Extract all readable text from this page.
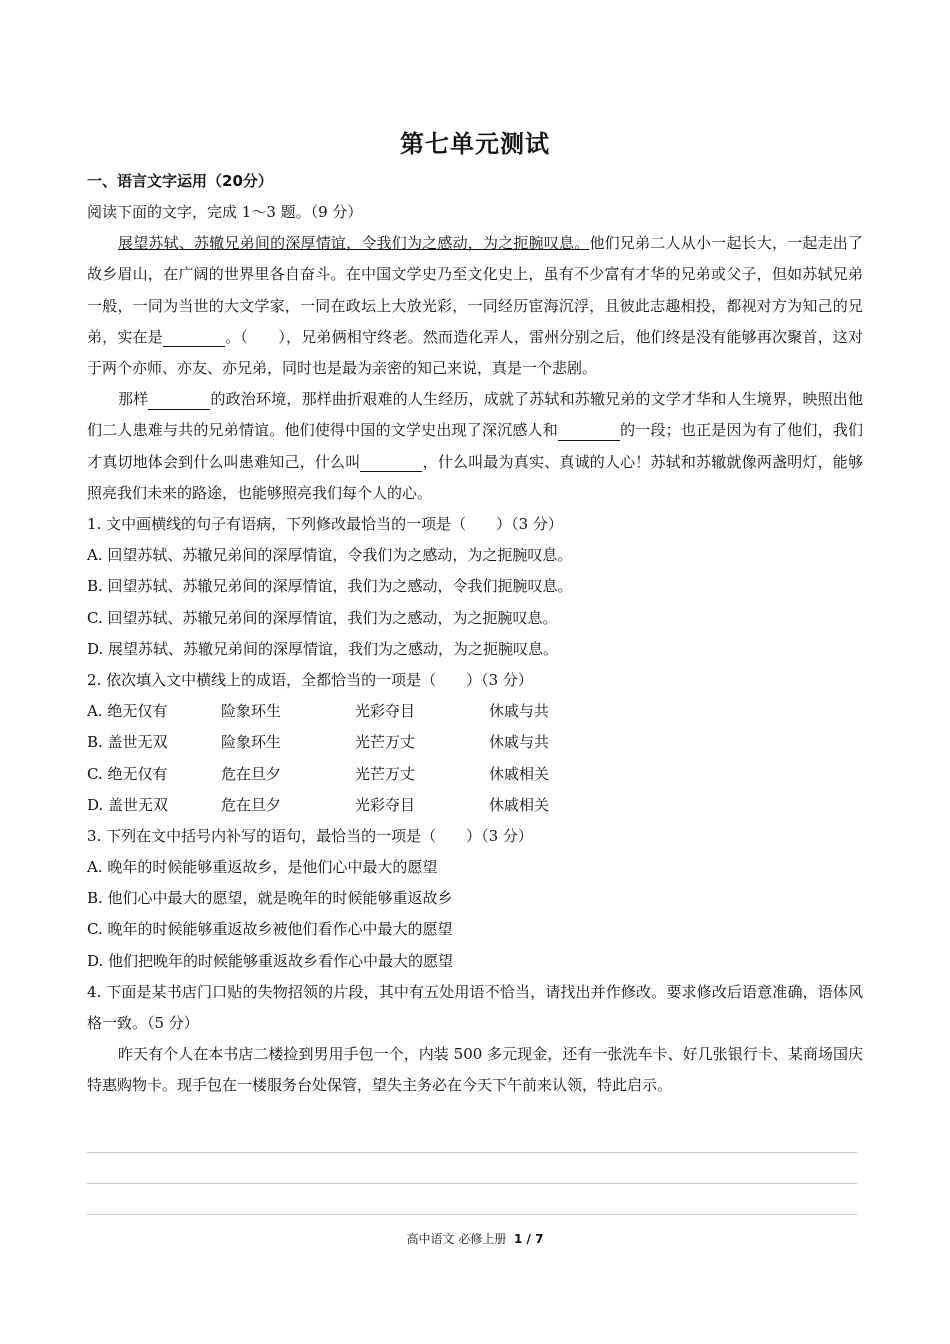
第七单元测试
一、语言文字运用（20分）
阅读下面的文字，完成 1～3 题。（9 分）
展望苏轼、苏辙兄弟间的深厚情谊，令我们为之感动，为之扼腕叹息。他们兄弟二人从小一起长大，一起走出了故乡眉山，在广阔的世界里各自奋斗。在中国文学史乃至文化史上，虽有不少富有才华的兄弟或父子，但如苏轼兄弟一般，一同为当世的大文学家，一同在政坛上大放光彩，一同经历宦海沉浮，且彼此志趣相投，都视对方为知己的兄弟，实在是	。（　　），兄弟俩相守终老。然而造化弄人，雷州分别之后，他们终是没有能够再次聚首，这对于两个亦师、亦友、亦兄弟，同时也是最为亲密的知己来说，真是一个悲剧。
那样	的政治环境，那样曲折艰难的人生经历，成就了苏轼和苏辙兄弟的文学才华和人生境界，映照出他们二人患难与共的兄弟情谊。他们使得中国的文学史出现了深沉感人和	的一段；也正是因为有了他们，我们才真切地体会到什么叫患难知己，什么叫	，什么叫最为真实、真诚的人心！苏轼和苏辙就像两盏明灯，能够照亮我们未来的路途，也能够照亮我们每个人的心。
1. 文中画横线的句子有语病，下列修改最恰当的一项是（　　）（3 分）
A. 回望苏轼、苏辙兄弟间的深厚情谊，令我们为之感动，为之扼腕叹息。
B. 回望苏轼、苏辙兄弟间的深厚情谊，我们为之感动，令我们扼腕叹息。
C. 回望苏轼、苏辙兄弟间的深厚情谊，我们为之感动，为之扼腕叹息。
D. 展望苏轼、苏辙兄弟间的深厚情谊，我们为之感动，为之扼腕叹息。
2. 依次填入文中横线上的成语，全都恰当的一项是（　　）（3 分）
A. 绝无仅有	险象环生	光彩夺目	休戚与共
B. 盖世无双	险象环生	光芒万丈	休戚与共
C. 绝无仅有	危在旦夕	光芒万丈	休戚相关
D. 盖世无双	危在旦夕	光彩夺目	休戚相关
3. 下列在文中括号内补写的语句，最恰当的一项是（　　）（3 分）
A. 晚年的时候能够重返故乡，是他们心中最大的愿望
B. 他们心中最大的愿望，就是晚年的时候能够重返故乡
C. 晚年的时候能够重返故乡被他们看作心中最大的愿望
D. 他们把晚年的时候能够重返故乡看作心中最大的愿望
4. 下面是某书店门口贴的失物招领的片段，其中有五处用语不恰当，请找出并作修改。要求修改后语意准确，语体风格一致。（5 分）
昨天有个人在本书店二楼捡到男用手包一个，内装 500 多元现金，还有一张洗车卡、好几张银行卡、某商场国庆特惠购物卡。现手包在一楼服务台处保管，望失主务必在今天下午前来认领，特此启示。
高中语文 必修上册 1 / 7
